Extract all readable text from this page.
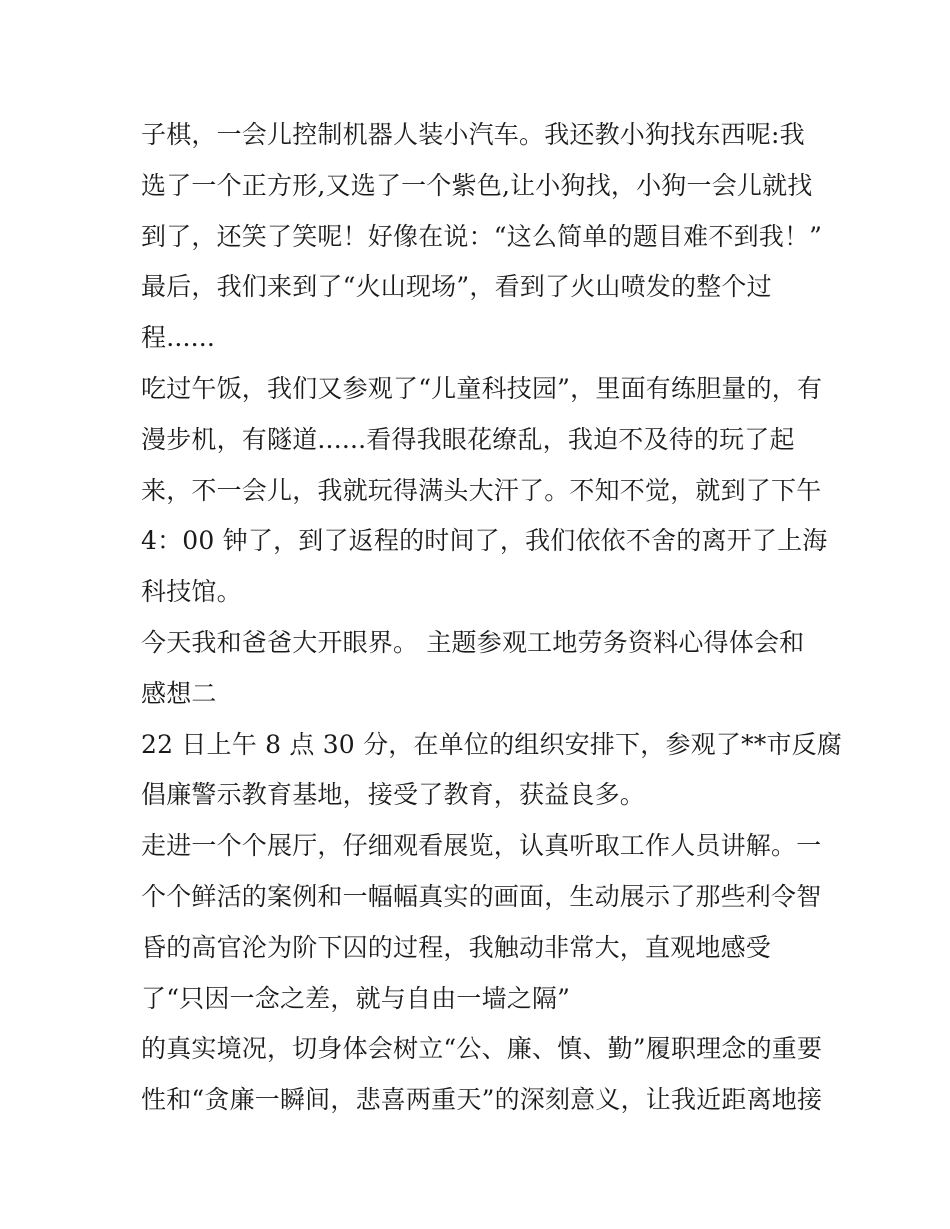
子棋，一会儿控制机器人装小汽车。我还教小狗找东西呢:我
选了一个正方形,又选了一个紫色,让小狗找，小狗一会儿就找
到了，还笑了笑呢！好像在说：“这么简单的题目难不到我！”
最后，我们来到了“火山现场”，看到了火山喷发的整个过
程......
吃过午饭，我们又参观了“儿童科技园”，里面有练胆量的，有
漫步机，有隧道......看得我眼花缭乱，我迫不及待的玩了起
来，不一会儿，我就玩得满头大汗了。不知不觉，就到了下午
4：00 钟了，到了返程的时间了，我们依依不舍的离开了上海
科技馆。
今天我和爸爸大开眼界。 主题参观工地劳务资料心得体会和
感想二
22 日上午 8 点 30 分，在单位的组织安排下，参观了**市反腐
倡廉警示教育基地，接受了教育，获益良多。
走进一个个展厅，仔细观看展览，认真听取工作人员讲解。一
个个鲜活的案例和一幅幅真实的画面，生动展示了那些利令智
昏的高官沦为阶下囚的过程，我触动非常大，直观地感受
了“只因一念之差，就与自由一墙之隔”
的真实境况，切身体会树立“公、廉、慎、勤”履职理念的重要
性和“贪廉一瞬间，悲喜两重天”的深刻意义，让我近距离地接
